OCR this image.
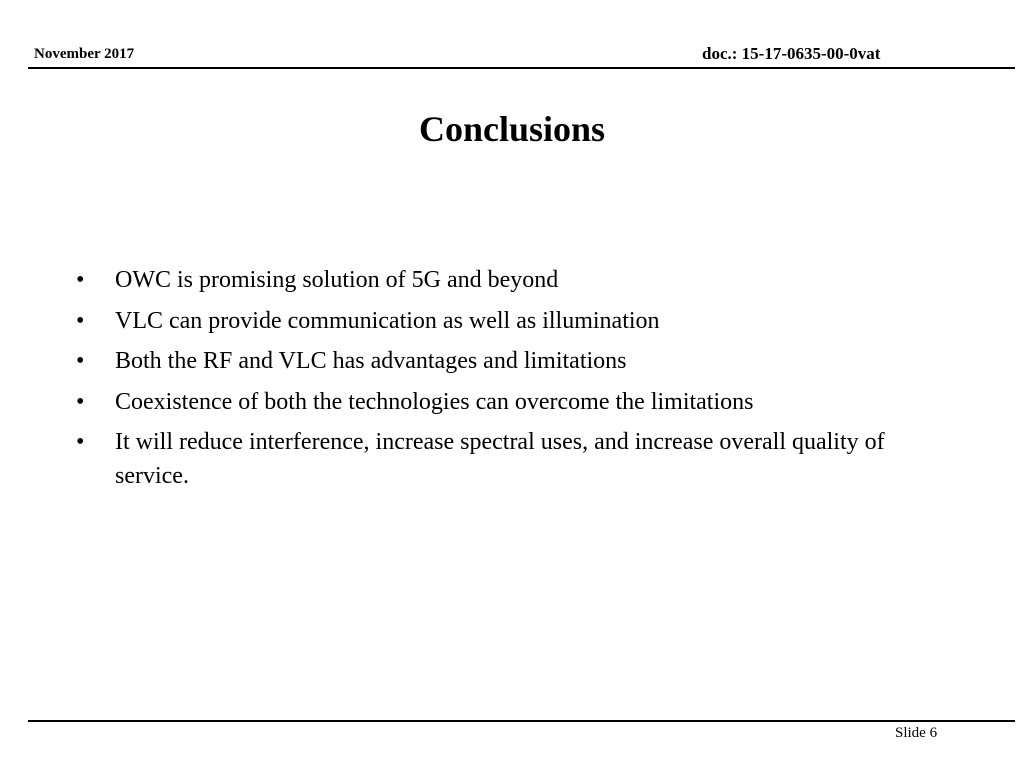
November 2017	doc.: 15-17-0635-00-0vat
Conclusions
• OWC is promising solution of 5G and beyond
• VLC can provide communication as well as illumination
• Both the RF and VLC has advantages and limitations
• Coexistence of both the technologies can overcome the limitations
• It will reduce interference, increase spectral uses, and increase overall quality of service.
Slide 6
